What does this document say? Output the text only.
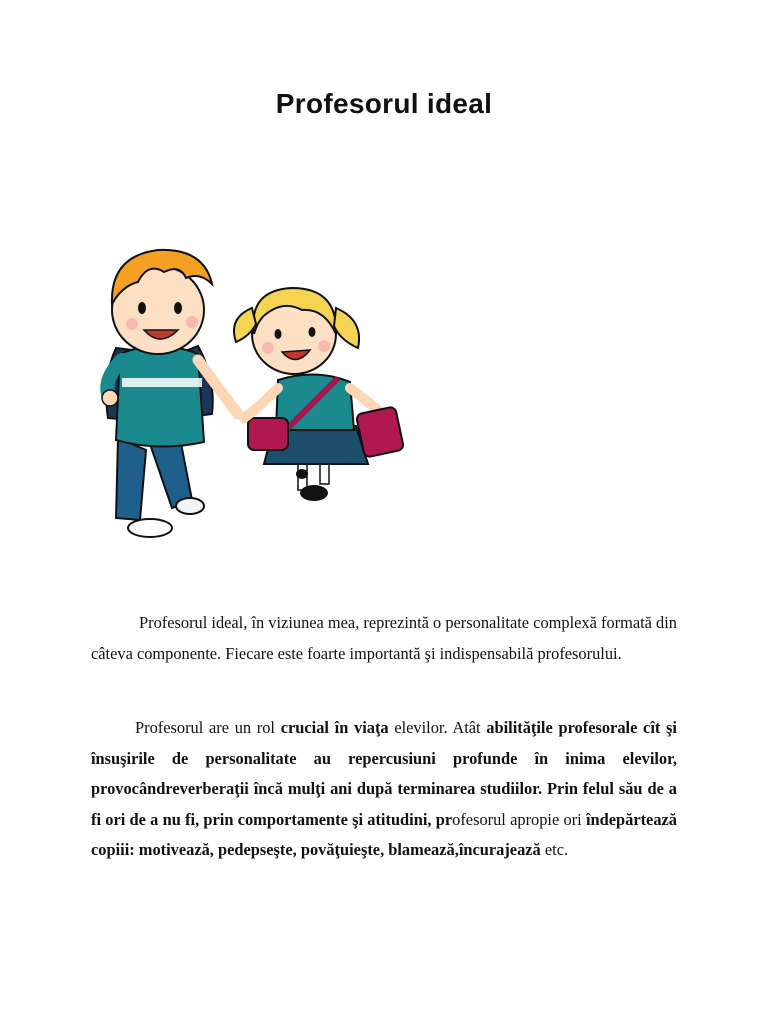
Profesorul ideal

Profesorul ideal, în viziunea mea, reprezintă o personalitate complexă formată din câteva componente. Fiecare este foarte importantă şi indispensabilă profesorului.

Profesorul are un rol crucial în viaţa elevilor. Atât abilităţile profesorale cît şi însuşirile de personalitate au repercusiuni profunde în inima elevilor, provocândreverberaţii încă mulţi ani după terminarea studiilor. Prin felul său de a fi ori de a nu fi, prin comportamente şi atitudini, profesorul apropie ori îndepărtează copiii: motivează, pedepseşte, povăţuieşte, blamează,încurajează etc.
